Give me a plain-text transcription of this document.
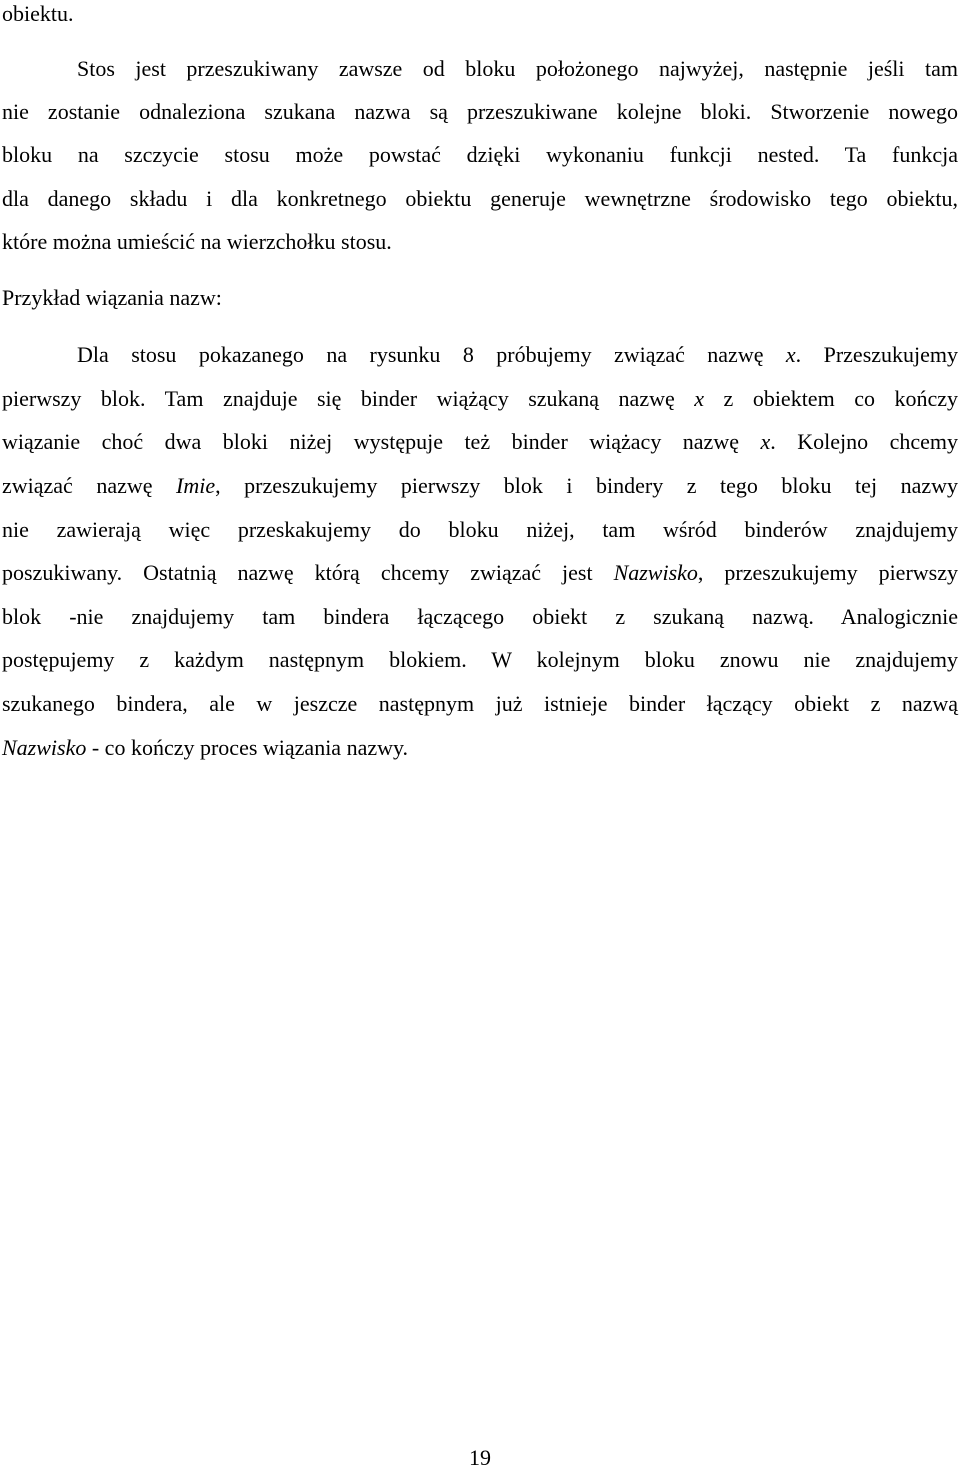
obiektu.
Stos jest przeszukiwany zawsze od bloku położonego najwyżej, następnie jeśli tam
nie zostanie odnaleziona szukana nazwa są przeszukiwane kolejne bloki. Stworzenie nowego
bloku na szczycie stosu może powstać dzięki wykonaniu funkcji nested. Ta funkcja
dla danego składu i dla konkretnego obiektu generuje wewnętrzne środowisko tego obiektu,
które można umieścić na wierzchołku stosu.
Przykład wiązania nazw:
Dla stosu pokazanego na rysunku 8 próbujemy związać nazwę x. Przeszukujemy
pierwszy blok. Tam znajduje się binder wiążący szukaną nazwę x z obiektem co kończy
wiązanie choć dwa bloki niżej występuje też binder wiążacy nazwę x. Kolejno chcemy
związać nazwę Imie, przeszukujemy pierwszy blok i bindery z tego bloku tej nazwy
nie zawierają więc przeskakujemy do bloku niżej, tam wśród binderów znajdujemy
poszukiwany. Ostatnią nazwę którą chcemy związać jest Nazwisko, przeszukujemy pierwszy
blok -nie znajdujemy tam bindera łączącego obiekt z szukaną nazwą. Analogicznie
postępujemy z każdym następnym blokiem. W kolejnym bloku znowu nie znajdujemy
szukanego bindera, ale w jeszcze następnym już istnieje binder łączący obiekt z nazwą
Nazwisko - co kończy proces wiązania nazwy.
19
